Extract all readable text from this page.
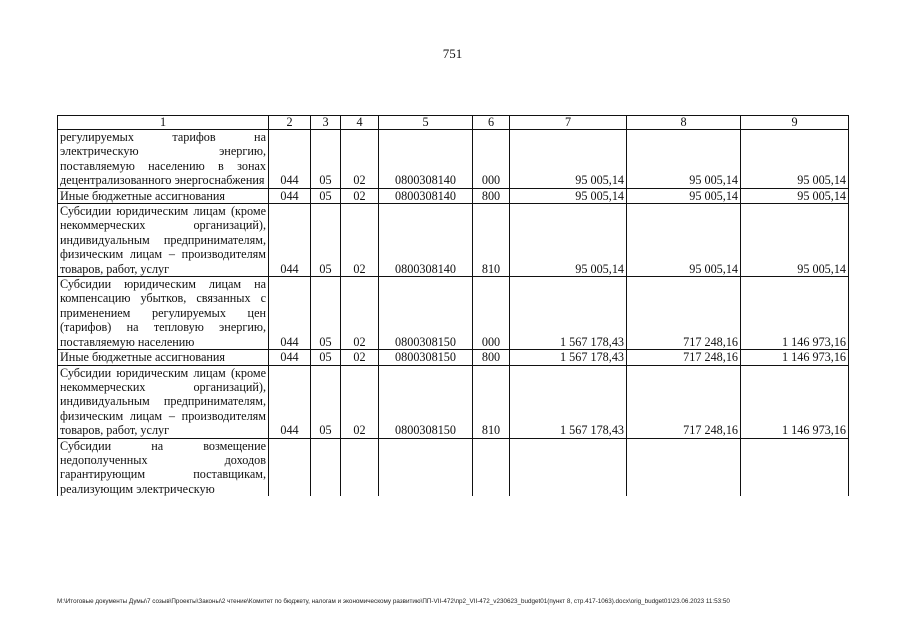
751
1	2	3	4	5	6	7	8	9
регулируемых тарифов на электрическую энергию, поставляемую населению в зонах децентрализованного энергоснабжения	044	05	02	0800308140	000	95 005,14	95 005,14	95 005,14
Иные бюджетные ассигнования	044	05	02	0800308140	800	95 005,14	95 005,14	95 005,14
Субсидии юридическим лицам (кроме некоммерческих организаций), индивидуальным предпринимателям, физическим лицам – производителям товаров, работ, услуг	044	05	02	0800308140	810	95 005,14	95 005,14	95 005,14
Субсидии юридическим лицам на компенсацию убытков, связанных с применением регулируемых цен (тарифов) на тепловую энергию, поставляемую населению	044	05	02	0800308150	000	1 567 178,43	717 248,16	1 146 973,16
Иные бюджетные ассигнования	044	05	02	0800308150	800	1 567 178,43	717 248,16	1 146 973,16
Субсидии юридическим лицам (кроме некоммерческих организаций), индивидуальным предпринимателям, физическим лицам – производителям товаров, работ, услуг	044	05	02	0800308150	810	1 567 178,43	717 248,16	1 146 973,16
Субсидии на возмещение недополученных доходов гарантирующим поставщикам, реализующим электрическую								
M:\Итоговые документы Думы\7 созыв\Проекты\Законы\2 чтение\Комитет по бюджету, налогам и экономическому развитию\ПП-VII-472\пр2_VII-472_v230623_budget01(пункт 8, стр.417-1063).docx\orig_budget01\23.06.2023 11:53:50
